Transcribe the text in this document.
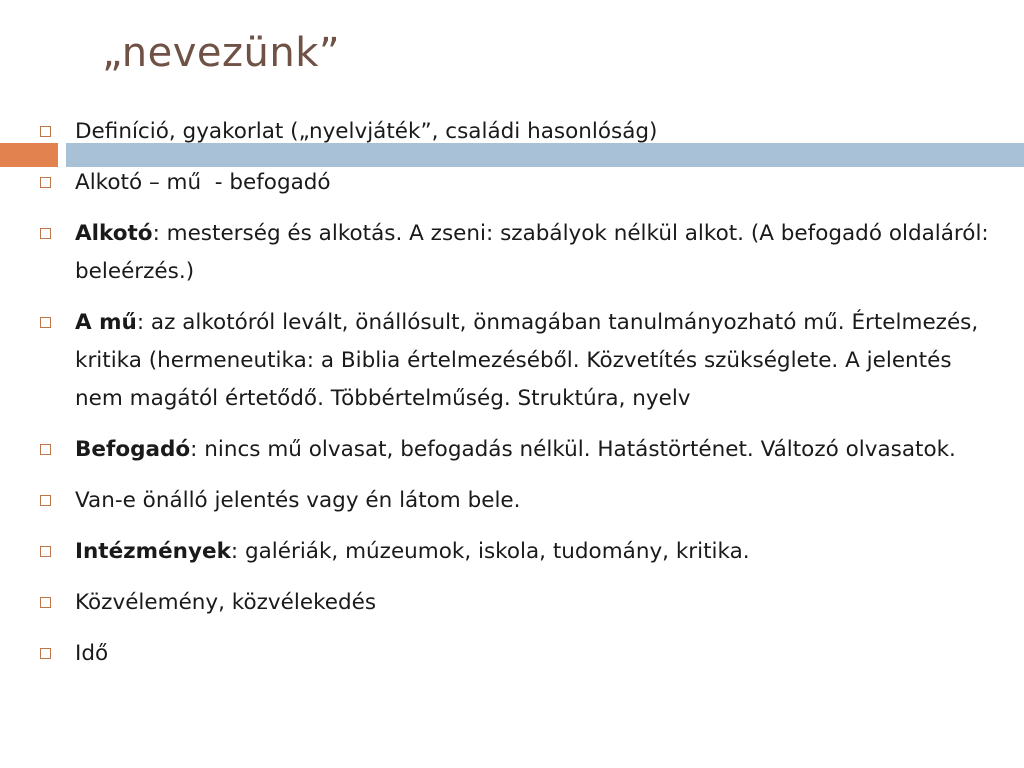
„nevezünk”
Definíció, gyakorlat („nyelvjáték”, családi hasonlóság)
Alkotó – mű  - befogadó
Alkotó: mesterség és alkotás. A zseni: szabályok nélkül alkot. (A befogadó oldaláról: beleérzés.)
A mű: az alkotóról levált, önállósult, önmagában tanulmányozható mű. Értelmezés, kritika (hermeneutika: a Biblia értelmezéséből. Közvetítés szükséglete. A jelentés nem magától értetődő. Többértelműség. Struktúra, nyelv
Befogadó: nincs mű olvasat, befogadás nélkül. Hatástörténet. Változó olvasatok.
Van-e önálló jelentés vagy én látom bele.
Intézmények: galériák, múzeumok, iskola, tudomány, kritika.
Közvélemény, közvélekedés
Idő
